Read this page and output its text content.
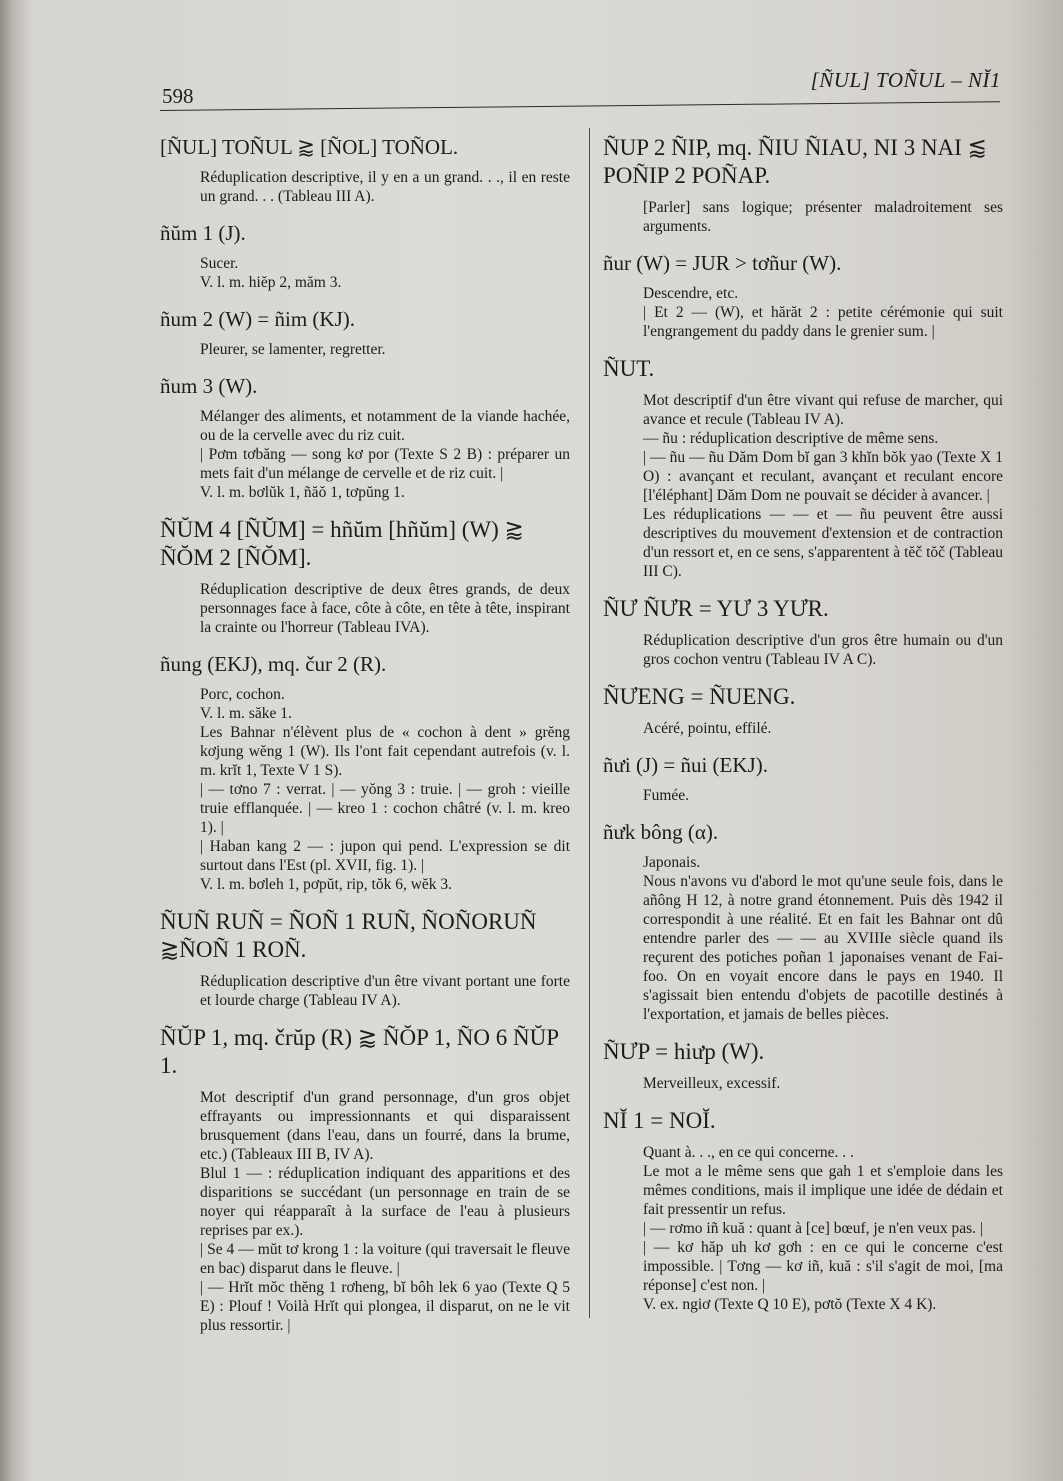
598
[ÑUL] TOÑUL – NĬ1
[ÑUL] TOÑUL ⪆ [ÑOL] TOÑOL.

Réduplication descriptive, il y en a un grand. . ., il en reste un grand. . . (Tableau III A).

ñŭm 1 (J).

Sucer.

V. l. m. hiĕp 2, măm 3.

ñum 2 (W) = ñim (KJ).

Pleurer, se lamenter, regretter.

ñum 3 (W).

Mélanger des aliments, et notamment de la viande hachée, ou de la cervelle avec du riz cuit.

| Pơm tơbăng — song kơ por (Texte S 2 B) : préparer un mets fait d'un mélange de cervelle et de riz cuit. |

V. l. m. bơlŭk 1, ñăŏ 1, tơpŭng 1.

ÑŬM 4 [ÑŬM] = hñŭm [hñŭm] (W) ⪆ ÑŎM 2 [ÑŎM].

Réduplication descriptive de deux êtres grands, de deux personnages face à face, côte à côte, en tête à tête, inspirant la crainte ou l'horreur (Tableau IVA).

ñung (EKJ), mq. čur 2 (R).

Porc, cochon.

V. l. m. săke 1.

Les Bahnar n'élèvent plus de « cochon à dent » grĕng kơjung wĕng 1 (W). Ils l'ont fait cependant autrefois (v. l. m. krĭt 1, Texte V 1 S).

| — tơno 7 : verrat. | — yŏng 3 : truie. | — groh : vieille truie efflanquée. | — kreo 1 : cochon châtré (v. l. m. kreo 1). |

| Haban kang 2 — : jupon qui pend. L'expression se dit surtout dans l'Est (pl. XVII, fig. 1). |

V. l. m. bơleh 1, pơpŭt, rip, tŏk 6, wĕk 3.

ÑUÑ RUÑ = ÑOÑ 1 RUÑ, ÑOÑORUÑ ⪆ÑOÑ 1 ROÑ.

Réduplication descriptive d'un être vivant portant une forte et lourde charge (Tableau IV A).

ÑŬP 1, mq. črŭp (R) ⪆ ÑŎP 1, ÑO 6 ÑŬP 1.

Mot descriptif d'un grand personnage, d'un gros objet effrayants ou impressionnants et qui disparaissent brusquement (dans l'eau, dans un fourré, dans la brume, etc.) (Tableaux III B, IV A).

Blul 1 — : réduplication indiquant des apparitions et des disparitions se succédant (un personnage en train de se noyer qui réapparaît à la surface de l'eau à plusieurs reprises par ex.).

| Se 4 — mŭt tơ krong 1 : la voiture (qui traversait le fleuve en bac) disparut dans le fleuve. |

| — Hrĭt mŏc thĕng 1 rơheng, bĭ bôh lek 6 yao (Texte Q 5 E) : Plouf ! Voilà Hrĭt qui plongea, il disparut, on ne le vit plus ressortir. |

ÑUP 2 ÑIP, mq. ÑIU ÑIAU, NI 3 NAI ⪅ POÑIP 2 POÑAP.

[Parler] sans logique; présenter maladroitement ses arguments.

ñur (W) = JUR > tơñur (W).

Descendre, etc.

| Et 2 — (W), et hărăt 2 : petite cérémonie qui suit l'engrangement du paddy dans le grenier sum. |

ÑUT.

Mot descriptif d'un être vivant qui refuse de marcher, qui avance et recule (Tableau IV A).

— ñu : réduplication descriptive de même sens.

| — ñu — ñu Dăm Dom bĭ gan 3 khĭn bŏk yao (Texte X 1 O) : avançant et reculant, avançant et reculant encore [l'éléphant] Dăm Dom ne pouvait se décider à avancer. |

Les réduplications — — et — ñu peuvent être aussi descriptives du mouvement d'extension et de contraction d'un ressort et, en ce sens, s'apparentent à tĕč tŏč (Tableau III C).

ÑƯ ÑƯR = YƯ 3 YƯR.

Réduplication descriptive d'un gros être humain ou d'un gros cochon ventru (Tableau IV A C).

ÑƯENG = ÑUENG.

Acéré, pointu, effilé.

ñưi (J) = ñui (EKJ).

Fumée.

ñưk bông (α).

Japonais.

Nous n'avons vu d'abord le mot qu'une seule fois, dans le añông H 12, à notre grand étonnement. Puis dès 1942 il correspondit à une réalité. Et en fait les Bahnar ont dû entendre parler des — — au XVIIIe siècle quand ils reçurent des potiches poñan 1 japonaises venant de Fai-foo. On en voyait encore dans le pays en 1940. Il s'agissait bien entendu d'objets de pacotille destinés à l'exportation, et jamais de belles pièces.

ÑƯP = hiưp (W).

Merveilleux, excessif.

NĬ 1 = NOĬ.

Quant à. . ., en ce qui concerne. . .

Le mot a le même sens que gah 1 et s'emploie dans les mêmes conditions, mais il implique une idée de dédain et fait pressentir un refus.

| — rơmo iñ kuă : quant à [ce] bœuf, je n'en veux pas. |

| — kơ hăp uh kơ gơh : en ce qui le concerne c'est impossible. | Tơng — kơ iñ, kuă : s'il s'agit de moi, [ma réponse] c'est non. |

V. ex. ngiơ (Texte Q 10 E), pơtŏ (Texte X 4 K).
